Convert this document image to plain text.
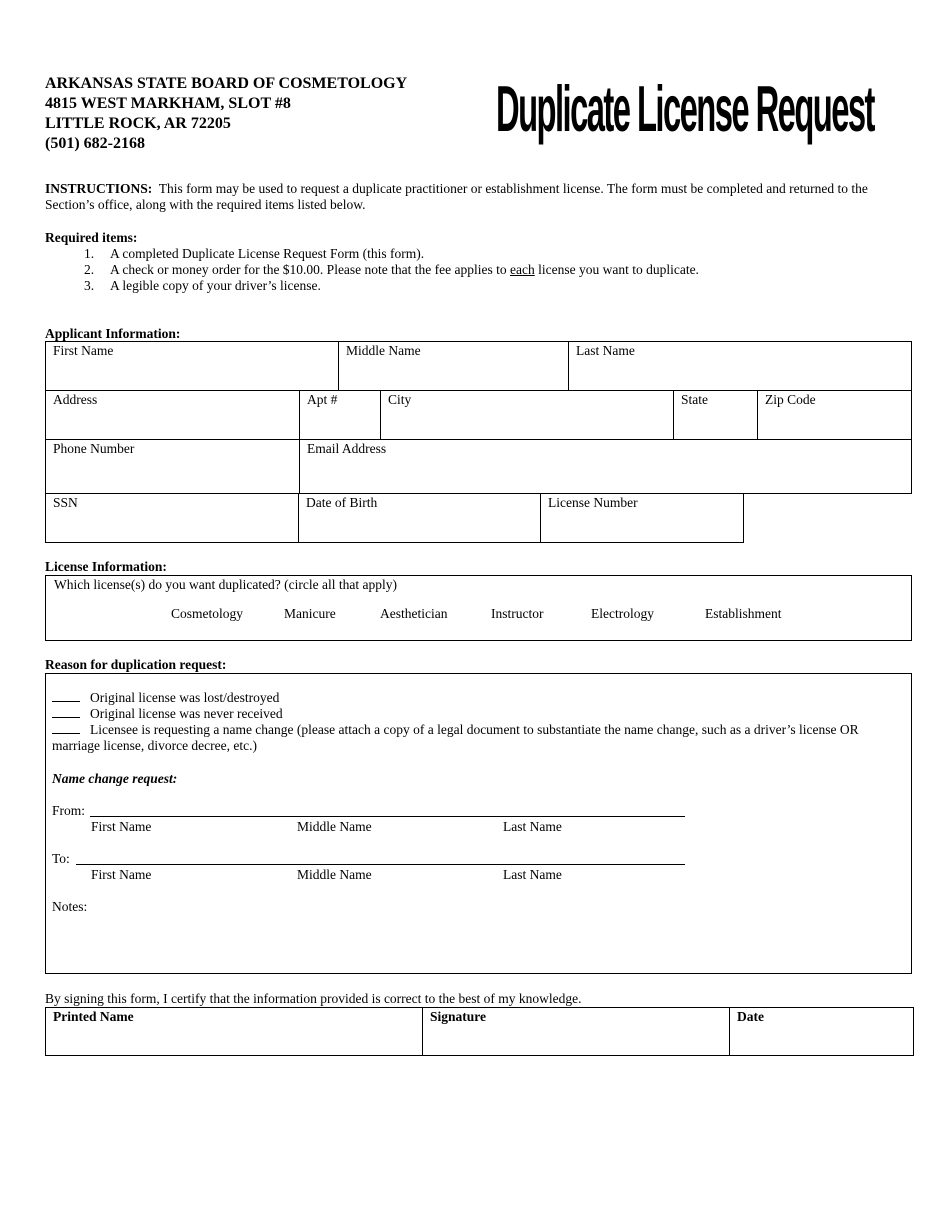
ARKANSAS STATE BOARD OF COSMETOLOGY
4815 WEST MARKHAM, SLOT #8
LITTLE ROCK, AR 72205
(501) 682-2168	Duplicate License Request
INSTRUCTIONS: This form may be used to request a duplicate practitioner or establishment license. The form must be completed and returned to the Section’s office, along with the required items listed below.
Required items:
1. A completed Duplicate License Request Form (this form).
2. A check or money order for the $10.00. Please note that the fee applies to each license you want to duplicate.
3. A legible copy of your driver’s license.
Applicant Information:
First Name	Middle Name	Last Name
Address	Apt #	City	State	Zip Code
Phone Number	Email Address
SSN	Date of Birth	License Number
License Information:
Which license(s) do you want duplicated? (circle all that apply)
Cosmetology	Manicure	Aesthetician	Instructor	Electrology	Establishment
Reason for duplication request:
Original license was lost/destroyed
Original license was never received
Licensee is requesting a name change (please attach a copy of a legal document to substantiate the name change, such as a driver’s license OR marriage license, divorce decree, etc.)
Name change request:
From:
First Name	Middle Name	Last Name
To:
First Name	Middle Name	Last Name
Notes:
By signing this form, I certify that the information provided is correct to the best of my knowledge.
Printed Name	Signature	Date
